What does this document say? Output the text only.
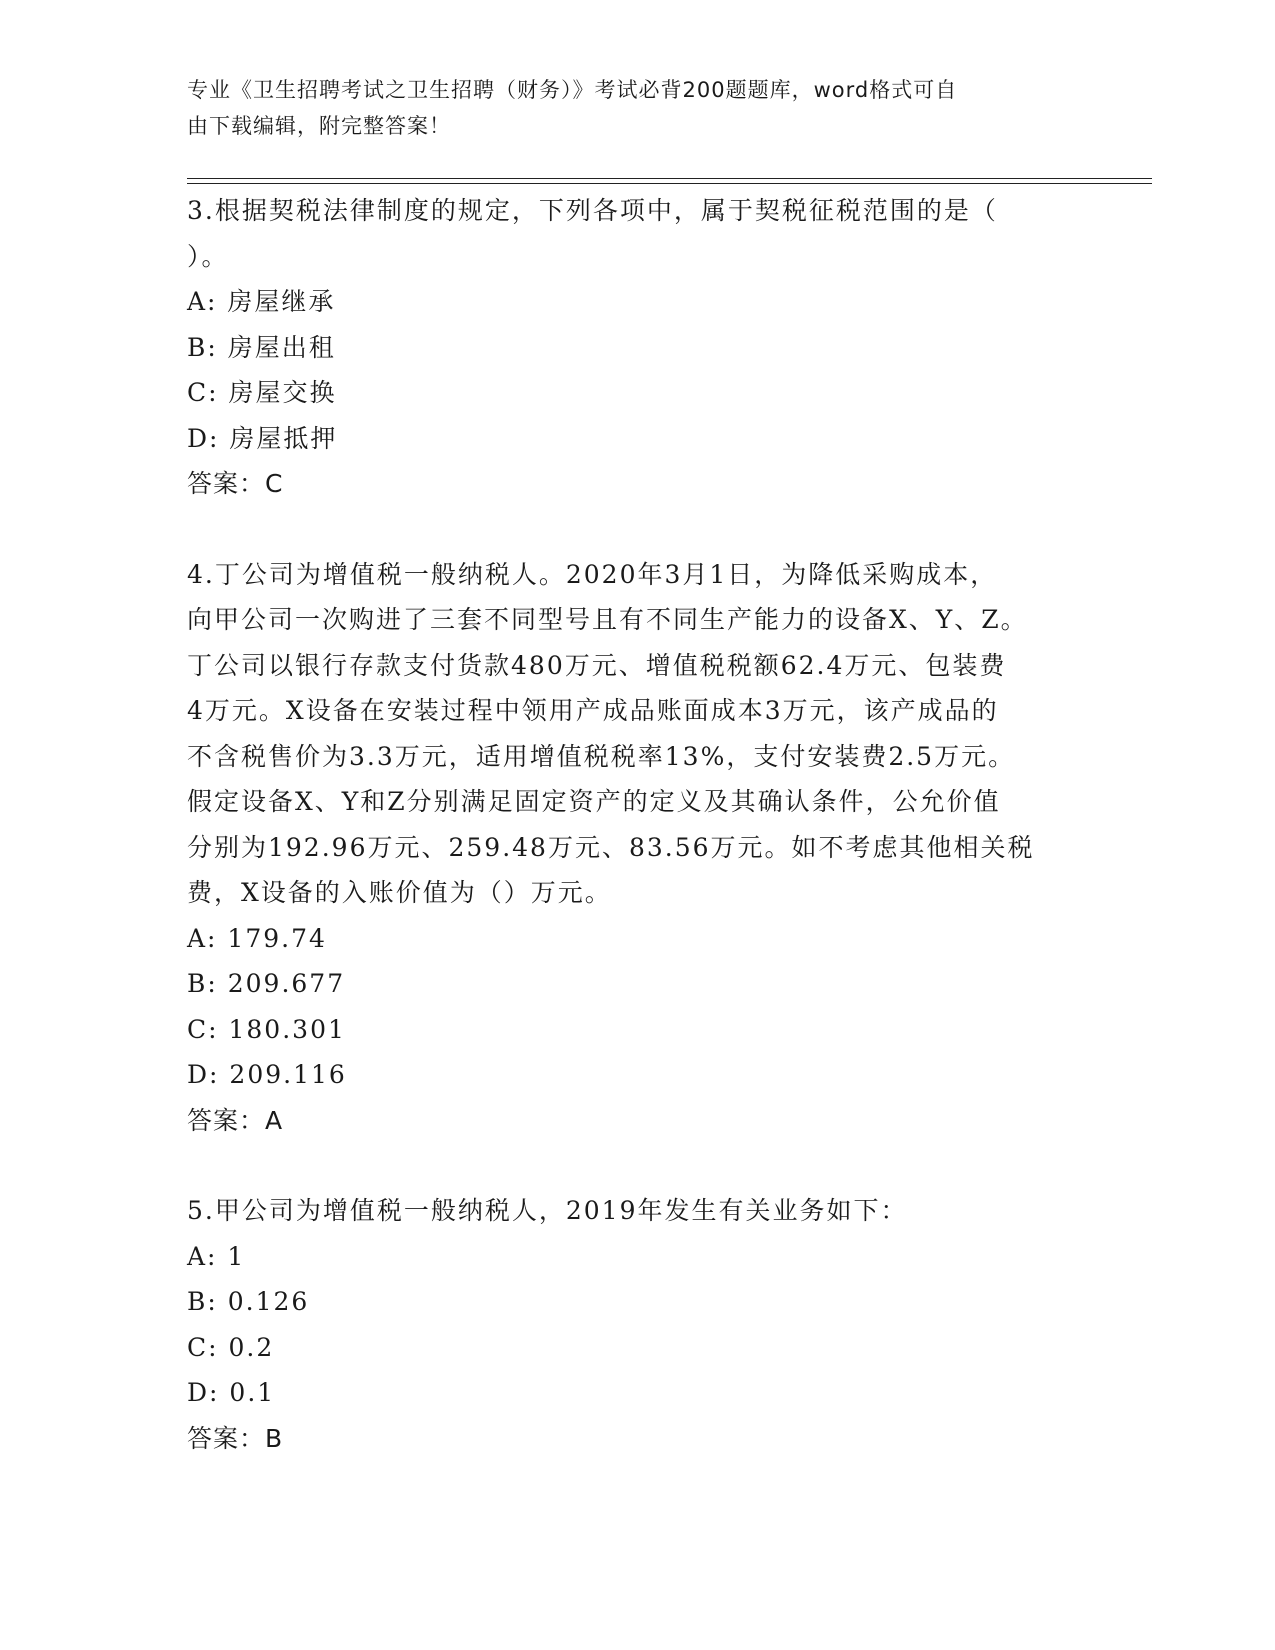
专业《卫生招聘考试之卫生招聘（财务）》考试必背200题题库，word格式可自
由下载编辑，附完整答案！
3.根据契税法律制度的规定，下列各项中，属于契税征税范围的是（
）。
A: 房屋继承
B: 房屋出租
C: 房屋交换
D: 房屋抵押
答案：C
4.丁公司为增值税一般纳税人。2020年3月1日，为降低采购成本，
向甲公司一次购进了三套不同型号且有不同生产能力的设备X、Y、Z。
丁公司以银行存款支付货款480万元、增值税税额62.4万元、包装费
4万元。X设备在安装过程中领用产成品账面成本3万元，该产成品的
不含税售价为3.3万元，适用增值税税率13%，支付安装费2.5万元。
假定设备X、Y和Z分别满足固定资产的定义及其确认条件，公允价值
分别为192.96万元、259.48万元、83.56万元。如不考虑其他相关税
费，X设备的入账价值为（）万元。
A: 179.74
B: 209.677
C: 180.301
D: 209.116
答案：A
5.甲公司为增值税一般纳税人，2019年发生有关业务如下：
A: 1
B: 0.126
C: 0.2
D: 0.1
答案：B
